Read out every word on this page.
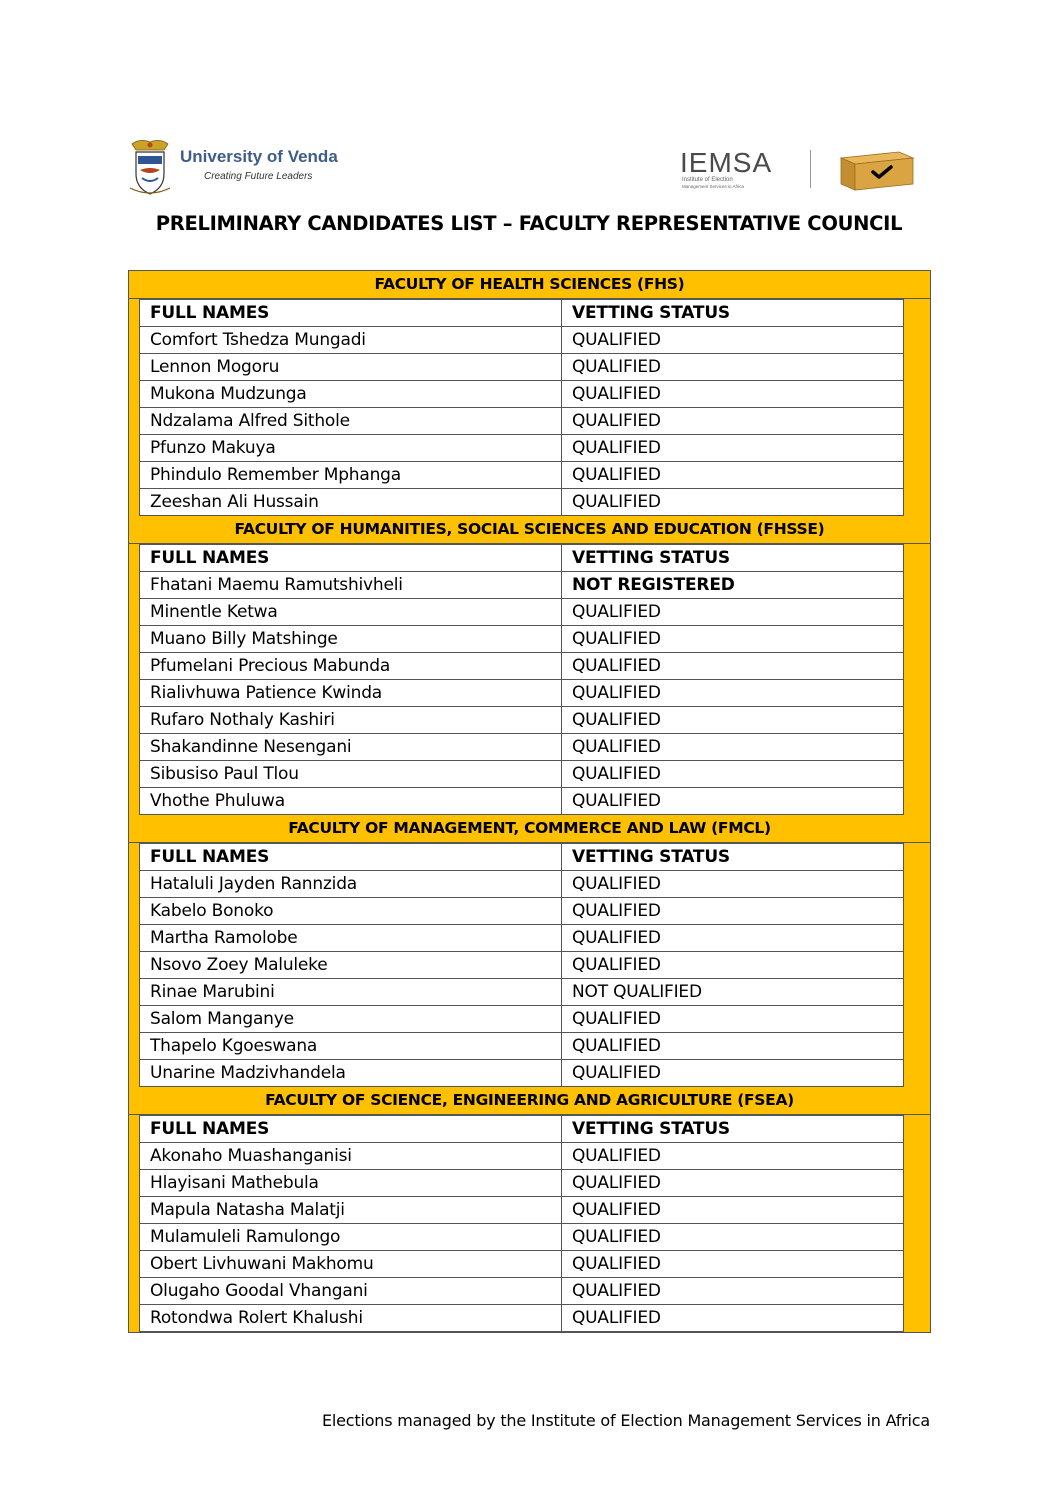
University of Venda
Creating Future Leaders	IEMSA
Institute of Election
Management Services in Africa
PRELIMINARY CANDIDATES LIST – FACULTY REPRESENTATIVE COUNCIL
FACULTY OF HEALTH SCIENCES (FHS)
FULL NAMES	VETTING STATUS
Comfort Tshedza Mungadi	QUALIFIED
Lennon Mogoru	QUALIFIED
Mukona Mudzunga	QUALIFIED
Ndzalama Alfred Sithole	QUALIFIED
Pfunzo Makuya	QUALIFIED
Phindulo Remember Mphanga	QUALIFIED
Zeeshan Ali Hussain	QUALIFIED
FACULTY OF HUMANITIES, SOCIAL SCIENCES AND EDUCATION (FHSSE)
FULL NAMES	VETTING STATUS
Fhatani Maemu Ramutshivheli	NOT REGISTERED
Minentle Ketwa	QUALIFIED
Muano Billy Matshinge	QUALIFIED
Pfumelani Precious Mabunda	QUALIFIED
Rialivhuwa Patience Kwinda	QUALIFIED
Rufaro Nothaly Kashiri	QUALIFIED
Shakandinne Nesengani	QUALIFIED
Sibusiso Paul Tlou	QUALIFIED
Vhothe Phuluwa	QUALIFIED
FACULTY OF MANAGEMENT, COMMERCE AND LAW (FMCL)
FULL NAMES	VETTING STATUS
Hataluli Jayden Rannzida	QUALIFIED
Kabelo Bonoko	QUALIFIED
Martha Ramolobe	QUALIFIED
Nsovo Zoey Maluleke	QUALIFIED
Rinae Marubini	NOT QUALIFIED
Salom Manganye	QUALIFIED
Thapelo Kgoeswana	QUALIFIED
Unarine Madzivhandela	QUALIFIED
FACULTY OF SCIENCE, ENGINEERING AND AGRICULTURE (FSEA)
FULL NAMES	VETTING STATUS
Akonaho Muashanganisi	QUALIFIED
Hlayisani Mathebula	QUALIFIED
Mapula Natasha Malatji	QUALIFIED
Mulamuleli Ramulongo	QUALIFIED
Obert Livhuwani Makhomu	QUALIFIED
Olugaho Goodal Vhangani	QUALIFIED
Rotondwa Rolert Khalushi	QUALIFIED
Elections managed by the Institute of Election Management Services in Africa
